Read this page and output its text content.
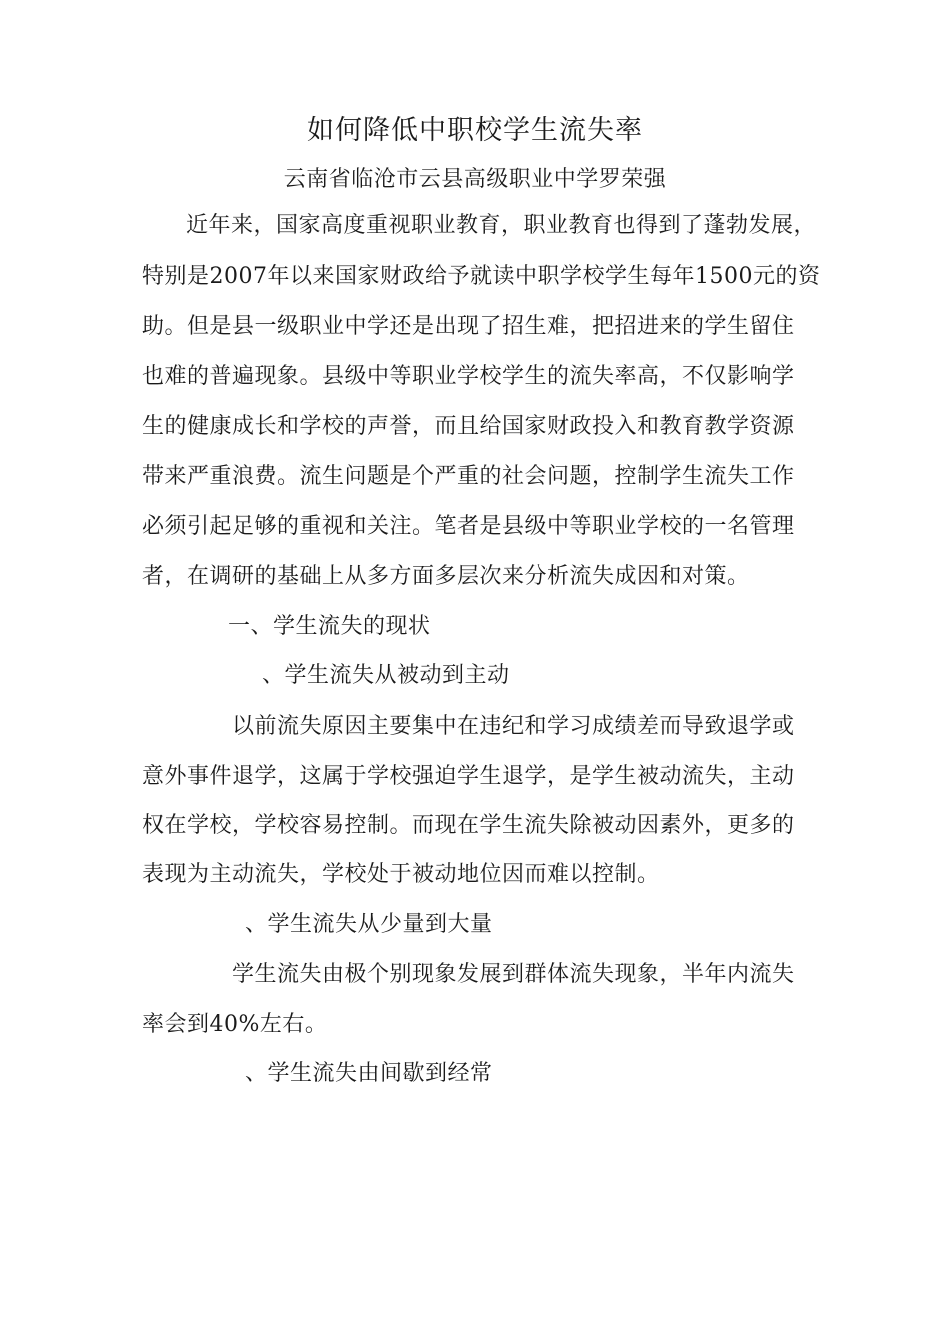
如何降低中职校学生流失率
云南省临沧市云县高级职业中学罗荣强
近年来，国家高度重视职业教育，职业教育也得到了蓬勃发展，
特别是2007年以来国家财政给予就读中职学校学生每年1500元的资
助。但是县一级职业中学还是出现了招生难，把招进来的学生留住
也难的普遍现象。县级中等职业学校学生的流失率高，不仅影响学
生的健康成长和学校的声誉，而且给国家财政投入和教育教学资源
带来严重浪费。流生问题是个严重的社会问题，控制学生流失工作
必须引起足够的重视和关注。笔者是县级中等职业学校的一名管理
者，在调研的基础上从多方面多层次来分析流失成因和对策。
一、学生流失的现状
、学生流失从被动到主动
以前流失原因主要集中在违纪和学习成绩差而导致退学或
意外事件退学，这属于学校强迫学生退学，是学生被动流失，主动
权在学校，学校容易控制。而现在学生流失除被动因素外，更多的
表现为主动流失，学校处于被动地位因而难以控制。
、学生流失从少量到大量
学生流失由极个别现象发展到群体流失现象，半年内流失
率会到40%左右。
、学生流失由间歇到经常
